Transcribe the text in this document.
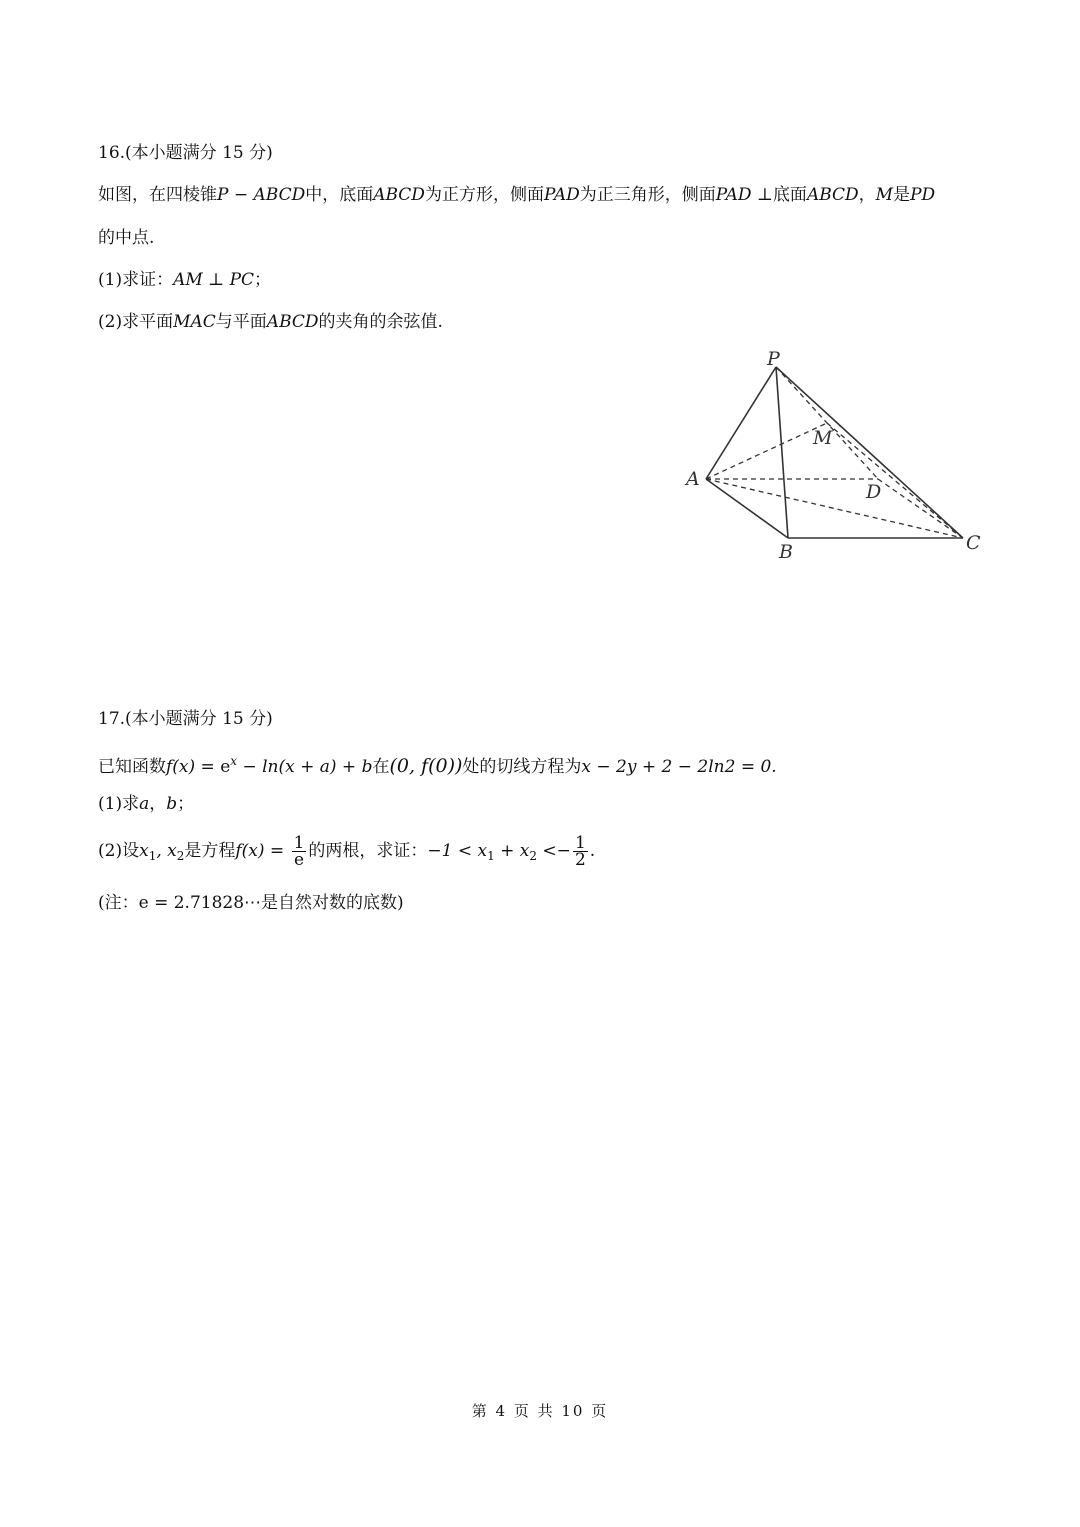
16.(本小题满分 15 分)
如图，在四棱锥P − ABCD中，底面ABCD为正方形，侧面PAD为正三角形，侧面PAD ⊥底面ABCD，M是PD
的中点.
(1)求证：AM ⊥ PC；
(2)求平面MAC与平面ABCD的夹角的余弦值.
P
M
A
D
B	C
17.(本小题满分 15 分)
已知函数$f(x) = e^x - \ln(x + a) + b$在(0, f(0))处的切线方程为x − 2y + 2 − 2ln2 = 0.
(1)求a，b；
(2)设$x_1$, $x_2$是方程$f(x) = \frac{1}{e}$ 的两根，求证：$-1 < x_1 + x_2 <- \frac{1}{2}$ .
(注：e = 2.71828⋯是自然对数的底数)
第 4 页 共 10 页
